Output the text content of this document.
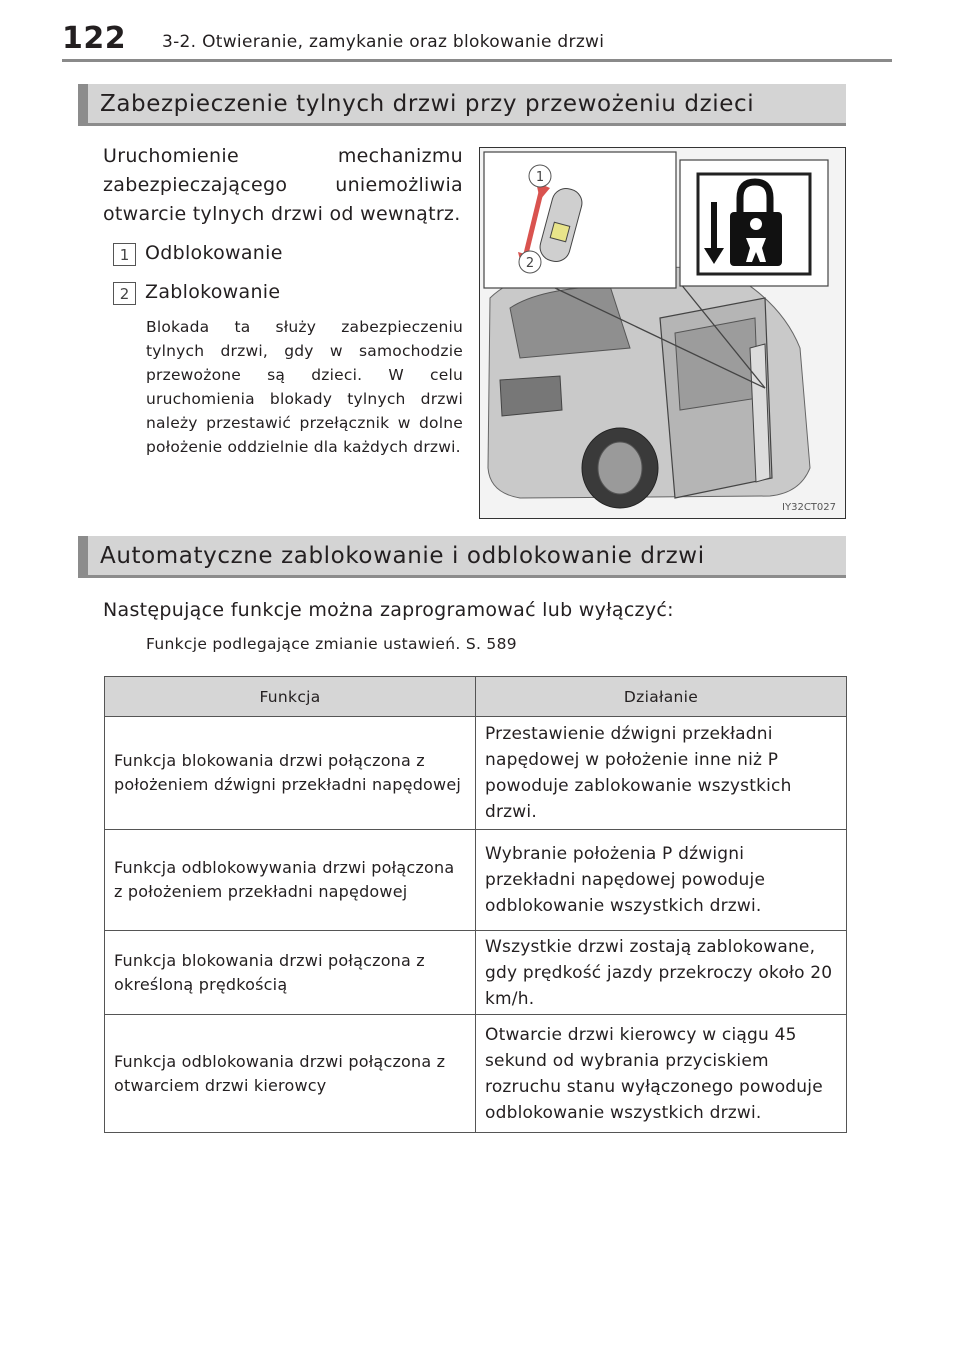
122 3-2. Otwieranie, zamykanie oraz blokowanie drzwi
Zabezpieczenie tylnych drzwi przy przewożeniu dzieci
Uruchomienie mechanizmu zabezpieczającego uniemożliwia otwarcie tylnych drzwi od wewnątrz.
1 Odblokowanie
2 Zablokowanie
Blokada ta służy zabezpieczeniu tylnych drzwi, gdy w samochodzie przewożone są dzieci. W celu uruchomienia blokady tylnych drzwi należy przestawić przełącznik w dolne położenie oddzielnie dla każdych drzwi.
1
2
IY32CT027
Automatyczne zablokowanie i odblokowanie drzwi
Następujące funkcje można zaprogramować lub wyłączyć:
Funkcje podlegające zmianie ustawień. S. 589
Funkcja	Działanie
Funkcja blokowania drzwi połączona z położeniem dźwigni przekładni napędowej	Przestawienie dźwigni przekładni napędowej w położenie inne niż P powoduje zablokowanie wszystkich drzwi.
Funkcja odblokowywania drzwi połączona z położeniem przekładni napędowej	Wybranie położenia P dźwigni przekładni napędowej powoduje odblokowanie wszystkich drzwi.
Funkcja blokowania drzwi połączona z określoną prędkością	Wszystkie drzwi zostają zablokowane, gdy prędkość jazdy przekroczy około 20 km/h.
Funkcja odblokowania drzwi połączona z otwarciem drzwi kierowcy	Otwarcie drzwi kierowcy w ciągu 45 sekund od wybrania przyciskiem rozruchu stanu wyłączonego powoduje odblokowanie wszystkich drzwi.
